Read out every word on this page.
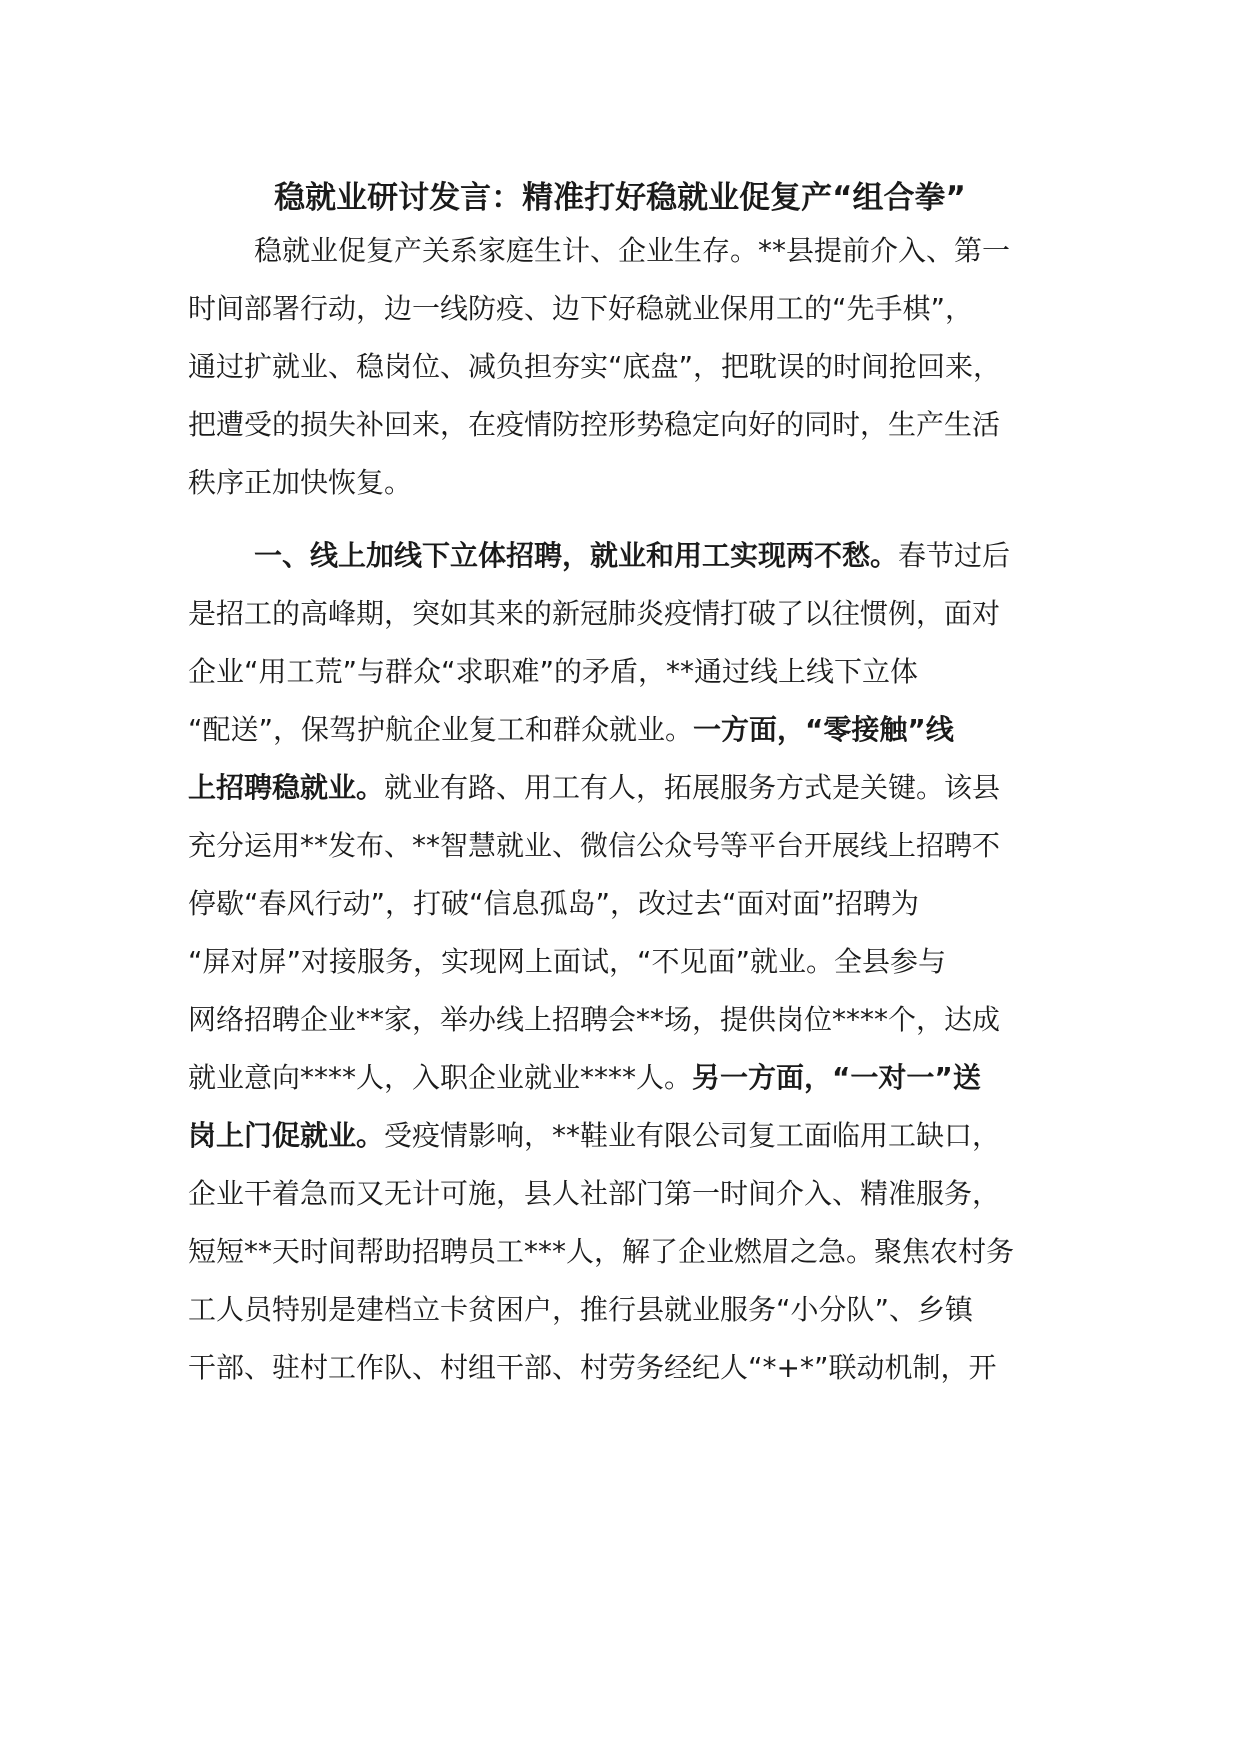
稳就业研讨发言：精准打好稳就业促复产“组合拳”
稳就业促复产关系家庭生计、企业生存。**县提前介入、第一
时间部署行动，边一线防疫、边下好稳就业保用工的“先手棋”，
通过扩就业、稳岗位、减负担夯实“底盘”，把耽误的时间抢回来，
把遭受的损失补回来，在疫情防控形势稳定向好的同时，生产生活
秩序正加快恢复。
一、线上加线下立体招聘，就业和用工实现两不愁。春节过后
是招工的高峰期，突如其来的新冠肺炎疫情打破了以往惯例，面对
企业“用工荒”与群众“求职难”的矛盾，**通过线上线下立体
“配送”，保驾护航企业复工和群众就业。一方面，“零接触”线
上招聘稳就业。就业有路、用工有人，拓展服务方式是关键。该县
充分运用**发布、**智慧就业、微信公众号等平台开展线上招聘不
停歇“春风行动”，打破“信息孤岛”，改过去“面对面”招聘为
“屏对屏”对接服务，实现网上面试，“不见面”就业。全县参与
网络招聘企业**家，举办线上招聘会**场，提供岗位****个，达成
就业意向****人，入职企业就业****人。另一方面，“一对一”送
岗上门促就业。受疫情影响，**鞋业有限公司复工面临用工缺口，
企业干着急而又无计可施，县人社部门第一时间介入、精准服务，
短短**天时间帮助招聘员工***人，解了企业燃眉之急。聚焦农村务
工人员特别是建档立卡贫困户，推行县就业服务“小分队”、乡镇
干部、驻村工作队、村组干部、村劳务经纪人“*+*”联动机制，开
